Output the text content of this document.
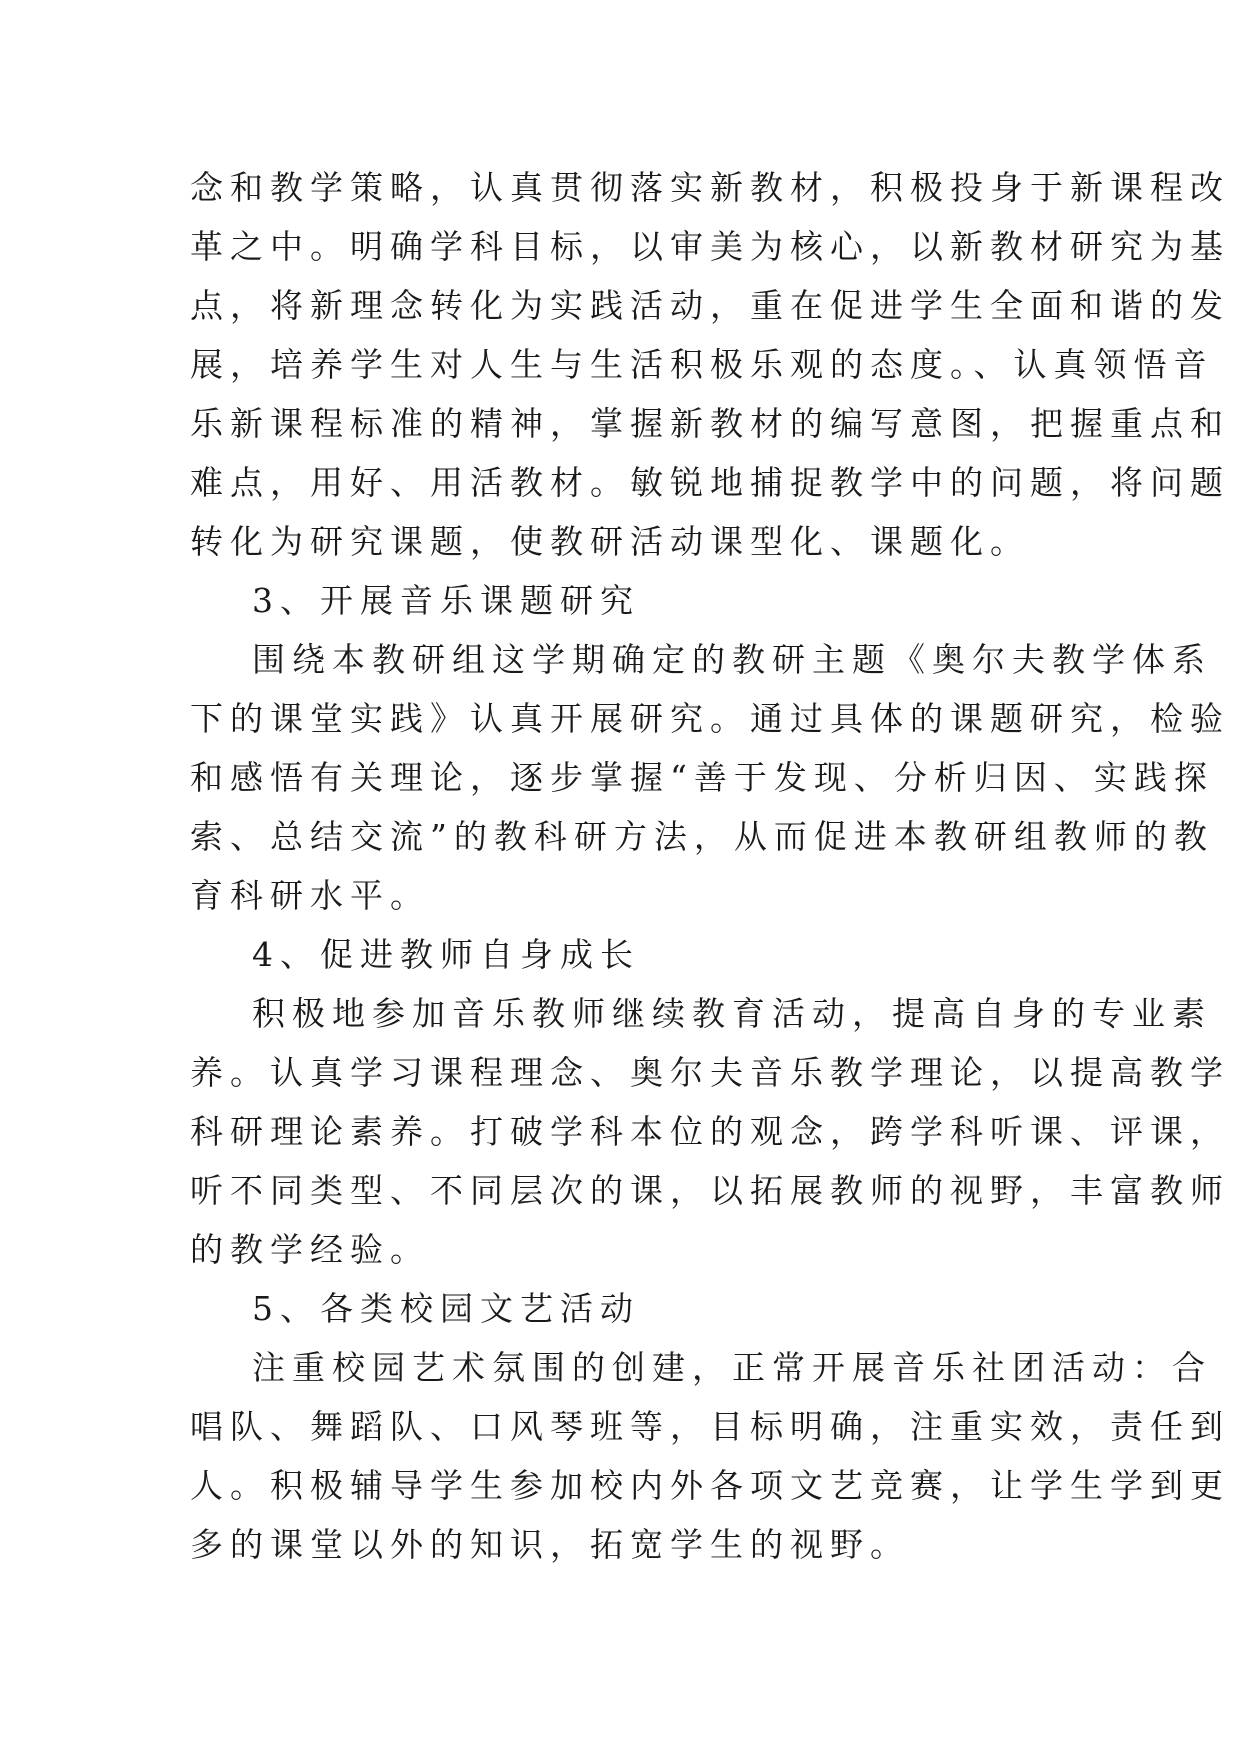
念和教学策略，认真贯彻落实新教材，积极投身于新课程改
革之中。明确学科目标，以审美为核心，以新教材研究为基
点，将新理念转化为实践活动，重在促进学生全面和谐的发
展，培养学生对人生与生活积极乐观的态度。、认真领悟音
乐新课程标准的精神，掌握新教材的编写意图，把握重点和
难点，用好、用活教材。敏锐地捕捉教学中的问题，将问题
转化为研究课题，使教研活动课型化、课题化。
3、开展音乐课题研究
围绕本教研组这学期确定的教研主题《奥尔夫教学体系
下的课堂实践》认真开展研究。通过具体的课题研究，检验
和感悟有关理论，逐步掌握“善于发现、分析归因、实践探
索、总结交流”的教科研方法，从而促进本教研组教师的教
育科研水平。
4、促进教师自身成长
积极地参加音乐教师继续教育活动，提高自身的专业素
养。认真学习课程理念、奥尔夫音乐教学理论，以提高教学
科研理论素养。打破学科本位的观念，跨学科听课、评课，
听不同类型、不同层次的课，以拓展教师的视野，丰富教师
的教学经验。
5、各类校园文艺活动
注重校园艺术氛围的创建，正常开展音乐社团活动：合
唱队、舞蹈队、口风琴班等，目标明确，注重实效，责任到
人。积极辅导学生参加校内外各项文艺竞赛，让学生学到更
多的课堂以外的知识，拓宽学生的视野。
